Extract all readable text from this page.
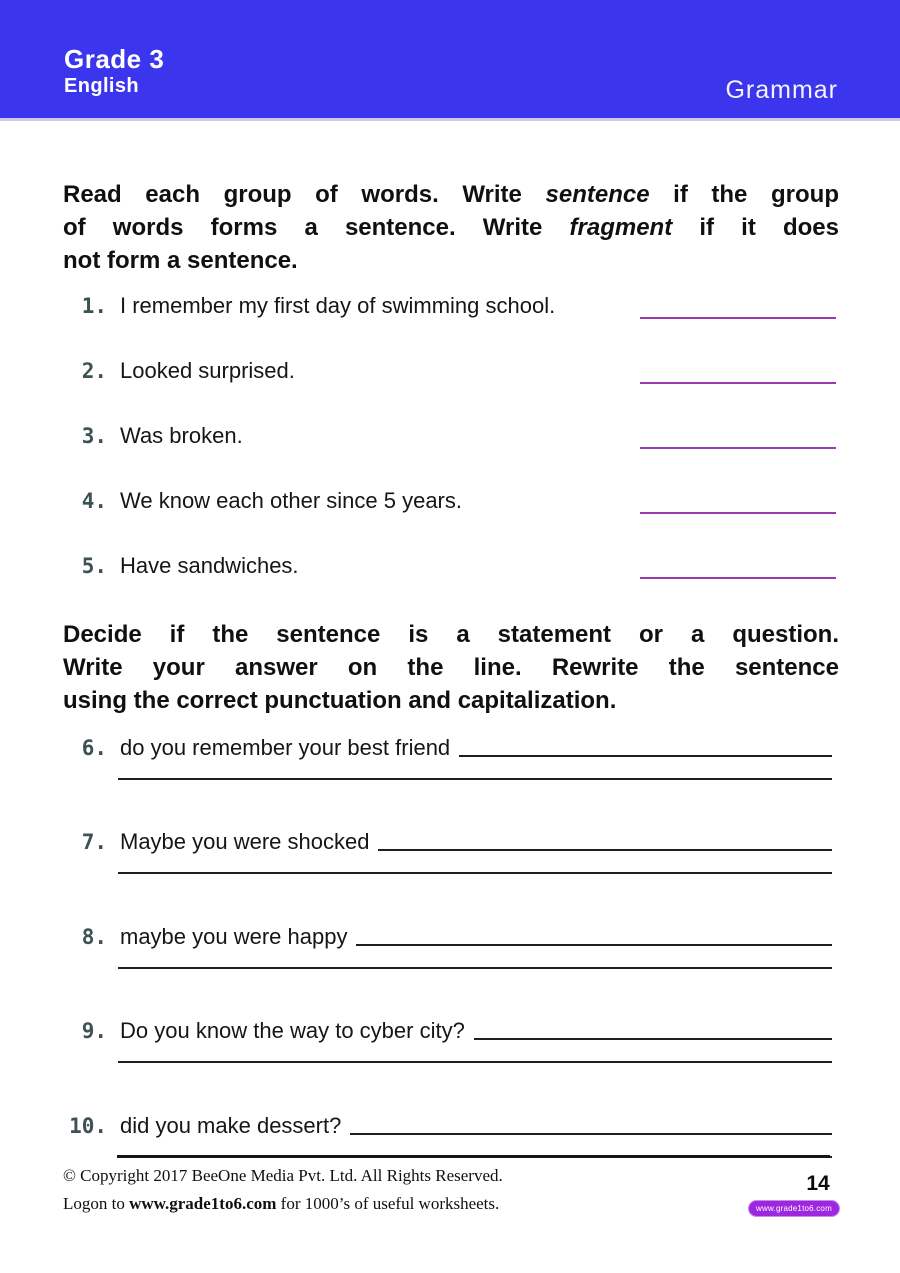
Grade 3
English	Grammar
Read each group of words. Write sentence if the group
of words forms a sentence. Write fragment if it does
not form a sentence.
1. I remember my first day of swimming school.
2. Looked surprised.
3. Was broken.
4. We know each other since 5 years.
5. Have sandwiches.
Decide if the sentence is a statement or a question.
Write your answer on the line. Rewrite the sentence
using the correct punctuation and capitalization.
6. do you remember your best friend
7. Maybe you were shocked
8. maybe you were happy
9. Do you know the way to cyber city?
10. did you make dessert?
© Copyright 2017 BeeOne Media Pvt. Ltd. All Rights Reserved.
Logon to www.grade1to6.com for 1000’s of useful worksheets.
14
www.grade1to6.com
